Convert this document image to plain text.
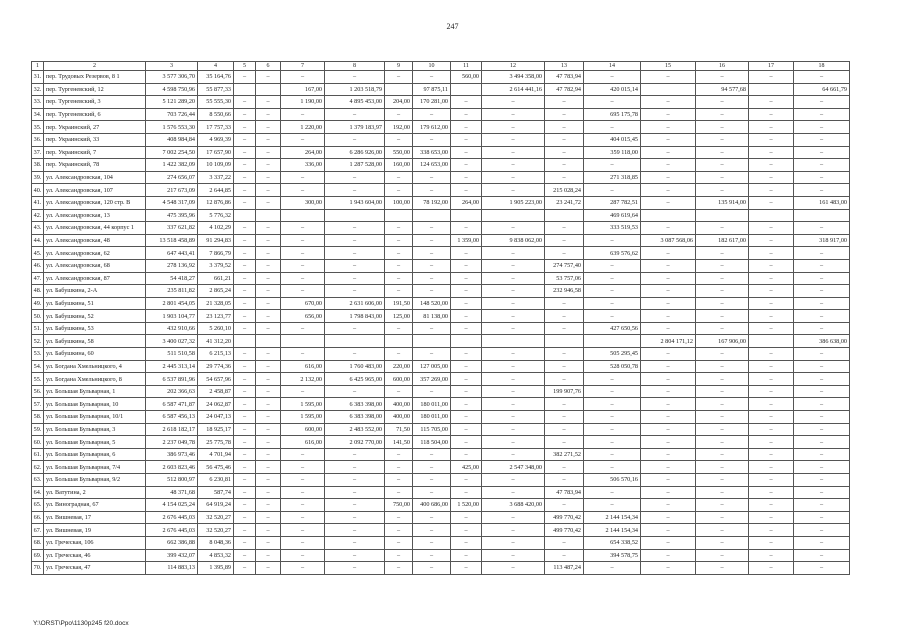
247
1	2	3	4	5	6	7	8	9	10	11	12	13	14	15	16	17	18
31.	пер. Трудовых Резервов, 8 1	3 577 306,70	35 164,76	–	–	–	–	–	–	560,00	3 494 358,00	47 783,94	–	–	–	–	–
32.	пер. Тургеневский, 12	4 598 750,96	55 877,33			167,00	1 203 518,79		97 875,11		2 614 441,16	47 782,94	420 015,14		94 577,68		64 661,79
33.	пер. Тургеневский, 3	5 121 289,20	55 555,30	–	–	1 190,00	4 895 453,00	204,00	170 281,00	–	–	–	–	–	–	–	–
34.	пер. Тургеневский, 6	703 726,44	8 550,66	–	–	–	–	–	–	–	–	–	695 175,78	–	–	–	–
35.	пер. Украинский, 27	1 576 553,30	17 757,33	–	–	1 220,00	1 379 183,97	192,00	179 612,00	–	–	–	–	–	–	–	–
36.	пер. Украинский, 33	408 984,84	4 969,39	–	–	–	–	–	–	–	–	–	404 015,45	–	–	–	–
37.	пер. Украинский, 7	7 002 254,50	17 657,90	–	–	264,00	6 286 926,00	550,00	338 653,00	–	–	–	359 118,00	–	–	–	–
38.	пер. Украинский, 78	1 422 382,09	10 109,09	–	–	336,00	1 287 528,00	160,00	124 653,00	–	–	–	–	–	–	–	–
39.	ул. Александровская, 104	274 656,07	3 337,22	–	–	–	–	–	–	–	–	–	271 318,85	–	–	–	–
40.	ул. Александровская, 107	217 673,09	2 644,85	–	–	–	–	–	–	–	–	215 028,24	–	–	–	–	–
41.	ул. Александровская, 120 стр. В	4 548 317,09	12 876,86	–	–	300,00	1 943 604,00	100,00	78 192,00	264,00	1 905 223,00	23 241,72	287 782,51	–	135 914,00	–	161 483,00
42.	ул. Александровская, 13	475 395,96	5 776,32										469 619,64				
43.	ул. Александровская, 44 корпус 1	337 621,82	4 102,29	–	–	–	–	–	–	–	–	–	333 519,53	–	–	–	–
44.	ул. Александровская, 48	13 518 458,89	91 294,83	–	–	–	–	–	–	1 359,00	9 838 062,00	–	–	3 087 568,06	182 617,00	–	318 917,00
45.	ул. Александровская, 62	647 443,41	7 866,79	–	–	–	–	–	–	–	–	–	639 576,62	–	–	–	–
46.	ул. Александровская, 68	278 136,92	3 379,52	–	–	–	–	–	–	–	–	274 757,40	–	–	–	–	–
47.	ул. Александровская, 87	54 418,27	661,21	–	–	–	–	–	–	–	–	53 757,06	–	–	–	–	–
48.	ул. Бабушкина, 2-А	235 811,82	2 865,24	–	–	–	–	–	–	–	–	232 946,58	–	–	–	–	–
49.	ул. Бабушкина, 51	2 801 454,05	21 328,05	–	–	670,00	2 631 606,00	191,50	148 520,00	–	–	–	–	–	–	–	–
50.	ул. Бабушкина, 52	1 903 104,77	23 123,77	–	–	656,00	1 798 843,00	125,00	81 138,00	–	–	–	–	–	–	–	–
51.	ул. Бабушкина, 53	432 910,66	5 260,10	–	–	–	–	–	–	–	–	–	427 650,56	–	–	–	–
52.	ул. Бабушкина, 58	3 400 027,32	41 312,20											2 804 171,12	167 906,00		386 638,00
53.	ул. Бабушкина, 60	511 510,58	6 215,13	–	–	–	–	–	–	–	–	–	505 295,45	–	–	–	–
54.	ул. Богдана Хмельницкого, 4	2 445 313,14	29 774,36	–	–	616,00	1 760 483,00	220,00	127 005,00	–	–	–	528 050,78	–	–	–	–
55.	ул. Богдана Хмельницкого, 8	6 537 891,96	54 657,96	–	–	2 132,00	6 425 965,00	600,00	357 269,00	–	–	–	–	–	–	–	–
56.	ул. Большая Бульварная, 1	202 366,63	2 458,87	–	–	–	–	–	–	–	–	199 907,76	–	–	–	–	–
57.	ул. Большая Бульварная, 10	6 587 471,87	24 062,87	–	–	1 595,00	6 383 398,00	400,00	180 011,00	–	–	–	–	–	–	–	–
58.	ул. Большая Бульварная, 10/1	6 587 456,13	24 047,13	–	–	1 595,00	6 383 398,00	400,00	180 011,00	–	–	–	–	–	–	–	–
59.	ул. Большая Бульварная, 3	2 618 182,17	18 925,17	–	–	600,00	2 483 552,00	71,50	115 705,00	–	–	–	–	–	–	–	–
60.	ул. Большая Бульварная, 5	2 237 049,78	25 775,78	–	–	616,00	2 092 770,00	141,50	118 504,00	–	–	–	–	–	–	–	–
61.	ул. Большая Бульварная, 6	386 973,46	4 701,94	–	–	–	–	–	–	–	–	382 271,52	–	–	–	–	–
62.	ул. Большая Бульварная, 7/4	2 603 823,46	56 475,46	–	–	–	–	–	–	425,00	2 547 348,00	–	–	–	–	–	–
63.	ул. Большая Бульварная, 9/2	512 800,97	6 230,81	–	–	–	–	–	–	–	–	–	506 570,16	–	–	–	–
64.	ул. Ватутина, 2	48 371,68	587,74	–	–	–	–	–	–	–	–	47 783,94	–	–	–	–	–
65.	ул. Виноградная, 67	4 154 025,24	64 919,24	–	–	–	–	750,00	400 686,00	1 520,00	3 688 420,00	–	–	–	–	–	–
66.	ул. Вишневая, 17	2 676 445,03	32 520,27	–	–	–	–	–	–	–	–	499 770,42	2 144 154,34	–	–	–	–
67.	ул. Вишневая, 19	2 676 445,03	32 520,27	–	–	–	–	–	–	–	–	499 770,42	2 144 154,34	–	–	–	–
68.	ул. Греческая, 106	662 386,88	8 048,36	–	–	–	–	–	–	–	–	–	654 338,52	–	–	–	–
69.	ул. Греческая, 46	399 432,07	4 853,32	–	–	–	–	–	–	–	–	–	394 578,75	–	–	–	–
70.	ул. Греческая, 47	114 883,13	1 395,89	–	–	–	–	–	–	–	–	113 487,24	–	–	–	–	–
Y:\ORST\Ppo\1130p245 f20.docx
